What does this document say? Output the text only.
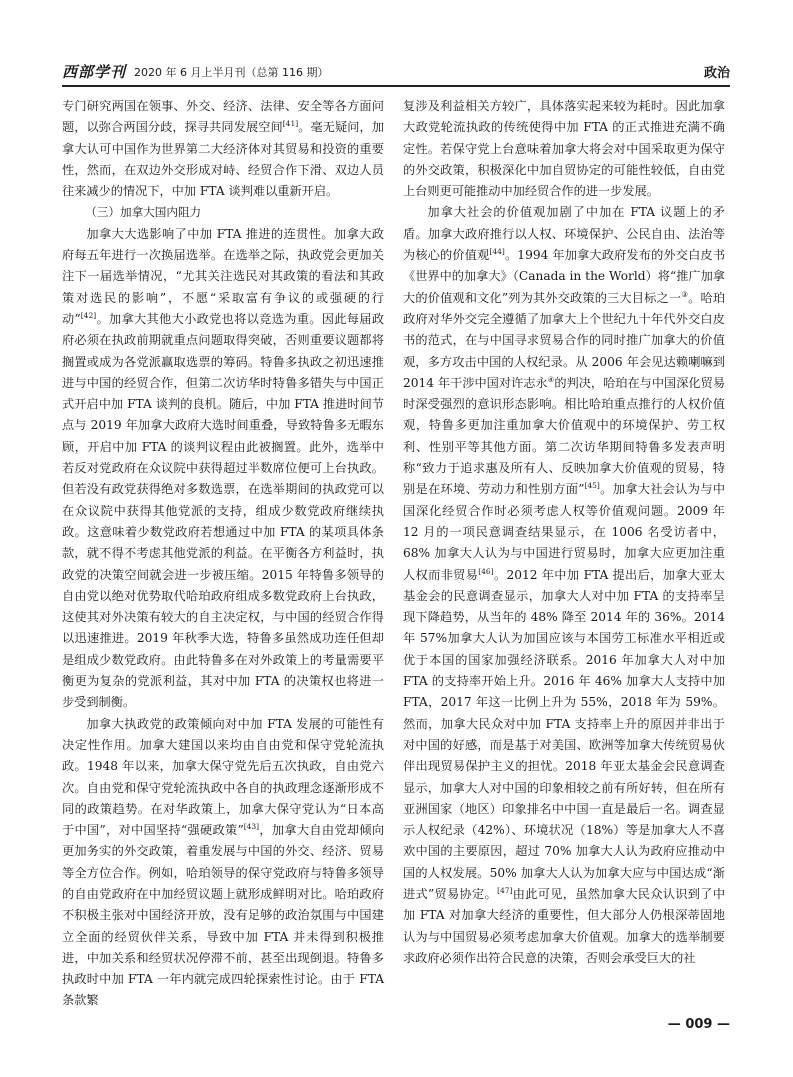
西部学刊 2020 年 6 月上半月刊（总第 116 期）	政治

专门研究两国在领事、外交、经济、法律、安全等各方面问题，以弥合两国分歧，探寻共同发展空间[41]。毫无疑问，加拿大认可中国作为世界第二大经济体对其贸易和投资的重要性，然而，在双边外交形成对峙、经贸合作下滑、双边人员往来减少的情况下，中加 FTA 谈判难以重新开启。

（三）加拿大国内阻力

加拿大大选影响了中加 FTA 推进的连贯性。加拿大政府每五年进行一次换届选举。在选举之际，执政党会更加关注下一届选举情况，“尤其关注选民对其政策的看法和其政策对选民的影响”，不愿“采取富有争议的或强硬的行动”[42]。加拿大其他大小政党也将以竞选为重。因此每届政府必须在执政前期就重点问题取得突破，否则重要议题都将搁置或成为各党派赢取选票的筹码。特鲁多执政之初迅速推进与中国的经贸合作，但第二次访华时特鲁多错失与中国正式开启中加 FTA 谈判的良机。随后，中加 FTA 推进时间节点与 2019 年加拿大政府大选时间重叠，导致特鲁多无暇东顾，开启中加 FTA 的谈判议程由此被搁置。此外，选举中若反对党政府在众议院中获得超过半数席位便可上台执政。但若没有政党获得绝对多数选票，在选举期间的执政党可以在众议院中获得其他党派的支持，组成少数党政府继续执政。这意味着少数党政府若想通过中加 FTA 的某项具体条款，就不得不考虑其他党派的利益。在平衡各方利益时，执政党的决策空间就会进一步被压缩。2015 年特鲁多领导的自由党以绝对优势取代哈珀政府组成多数党政府上台执政，这使其对外决策有较大的自主决定权，与中国的经贸合作得以迅速推进。2019 年秋季大选，特鲁多虽然成功连任但却是组成少数党政府。由此特鲁多在对外政策上的考量需要平衡更为复杂的党派利益，其对中加 FTA 的决策权也将进一步受到制衡。

加拿大执政党的政策倾向对中加 FTA 发展的可能性有决定性作用。加拿大建国以来均由自由党和保守党轮流执政。1948 年以来，加拿大保守党先后五次执政，自由党六次。自由党和保守党轮流执政中各自的执政理念逐渐形成不同的政策趋势。在对华政策上，加拿大保守党认为“日本高于中国”，对中国坚持“强硬政策”[43]，加拿大自由党却倾向更加务实的外交政策，着重发展与中国的外交、经济、贸易等全方位合作。例如，哈珀领导的保守党政府与特鲁多领导的自由党政府在中加经贸议题上就形成鲜明对比。哈珀政府不积极主张对中国经济开放，没有足够的政治氛围与中国建立全面的经贸伙伴关系，导致中加 FTA 并未得到积极推进，中加关系和经贸状况停滞不前，甚至出现倒退。特鲁多执政时中加 FTA 一年内就完成四轮探索性讨论。由于 FTA 条款繁

复涉及利益相关方较广，具体落实起来较为耗时。因此加拿大政党轮流执政的传统使得中加 FTA 的正式推进充满不确定性。若保守党上台意味着加拿大将会对中国采取更为保守的外交政策，积极深化中加自贸协定的可能性较低，自由党上台则更可能推动中加经贸合作的进一步发展。

加拿大社会的价值观加剧了中加在 FTA 议题上的矛盾。加拿大政府推行以人权、环境保护、公民自由、法治等为核心的价值观[44]。1994 年加拿大政府发布的外交白皮书《世界中的加拿大》（Canada in the World）将“推广加拿大的价值观和文化”列为其外交政策的三大目标之一③。哈珀政府对华外交完全遵循了加拿大上个世纪九十年代外交白皮书的范式，在与中国寻求贸易合作的同时推广加拿大的价值观，多方攻击中国的人权纪录。从 2006 年会见达赖喇嘛到 2014 年干涉中国对许志永④的判决，哈珀在与中国深化贸易时深受强烈的意识形态影响。相比哈珀重点推行的人权价值观，特鲁多更加注重加拿大价值观中的环境保护、劳工权利、性别平等其他方面。第二次访华期间特鲁多发表声明称“致力于追求惠及所有人、反映加拿大价值观的贸易，特别是在环境、劳动力和性别方面”[45]。加拿大社会认为与中国深化经贸合作时必须考虑人权等价值观问题。2009 年 12 月的一项民意调查结果显示，在 1006 名受访者中，68% 加拿大人认为与中国进行贸易时，加拿大应更加注重人权而非贸易[46]。2012 年中加 FTA 提出后，加拿大亚太基金会的民意调查显示，加拿大人对中加 FTA 的支持率呈现下降趋势，从当年的 48% 降至 2014 年的 36%。2014 年 57%加拿大人认为加国应该与本国劳工标准水平相近或优于本国的国家加强经济联系。2016 年加拿大人对中加 FTA 的支持率开始上升。2016 年 46% 加拿大人支持中加 FTA，2017 年这一比例上升为 55%，2018 年为 59%。然而，加拿大民众对中加 FTA 支持率上升的原因并非出于对中国的好感，而是基于对美国、欧洲等加拿大传统贸易伙伴出现贸易保护主义的担忧。2018 年亚太基金会民意调查显示，加拿大人对中国的印象相较之前有所好转，但在所有亚洲国家（地区）印象排名中中国一直是最后一名。调查显示人权纪录（42%）、环境状况（18%）等是加拿大人不喜欢中国的主要原因，超过 70% 加拿大人认为政府应推动中国的人权发展。50% 加拿大人认为加拿大应与中国达成“渐进式”贸易协定。[47]由此可见，虽然加拿大民众认识到了中加 FTA 对加拿大经济的重要性，但大部分人仍根深蒂固地认为与中国贸易必须考虑加拿大价值观。加拿大的选举制要求政府必须作出符合民意的决策，否则会承受巨大的社

— 009 —
